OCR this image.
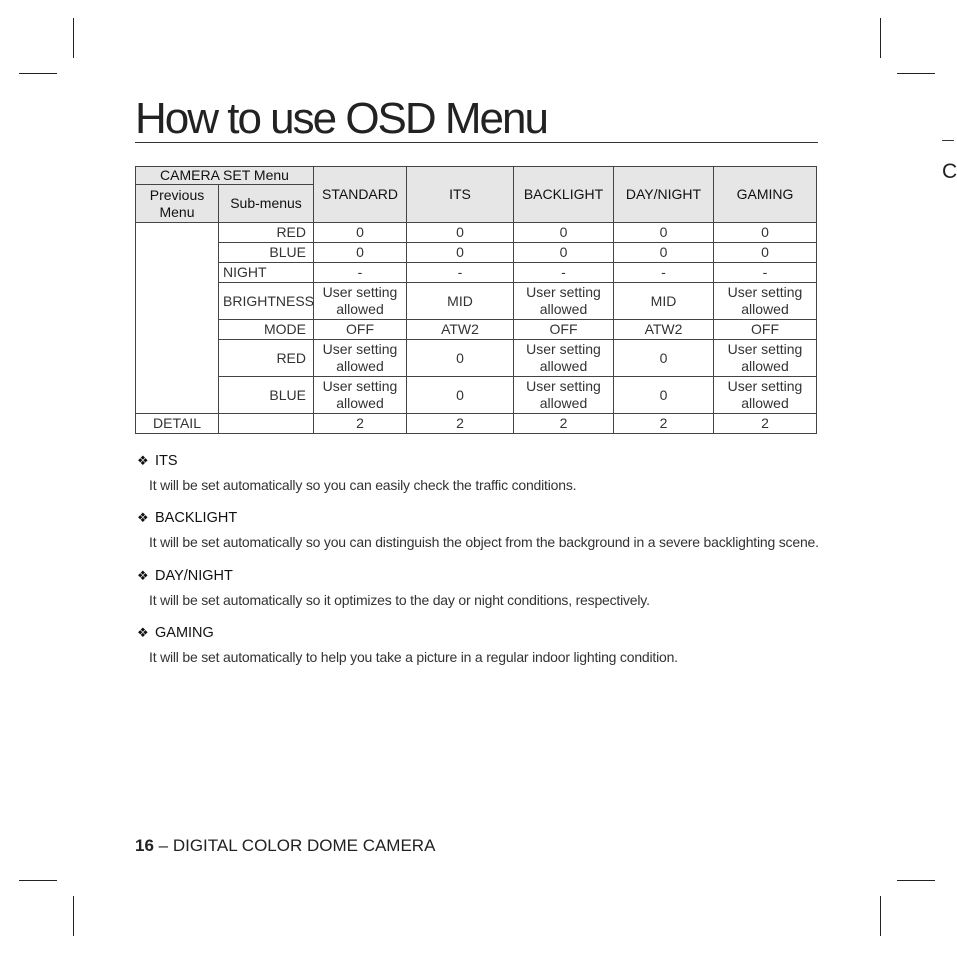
How to use OSD Menu
C
CAMERA SET Menu		STANDARD	ITS	BACKLIGHT	DAY/NIGHT	GAMING
Previous Menu	Sub-menus					
	RED	0	0	0	0	0
	BLUE	0	0	0	0	0
	NIGHT	-	-	-	-	-
	BRIGHTNESS	User setting allowed	MID	User setting allowed	MID	User setting allowed
	MODE	OFF	ATW2	OFF	ATW2	OFF
	RED	User setting allowed	0	User setting allowed	0	User setting allowed
	BLUE	User setting allowed	0	User setting allowed	0	User setting allowed
DETAIL		2	2	2	2	2
❖ ITS
It will be set automatically so you can easily check the traffic conditions.
❖ BACKLIGHT
It will be set automatically so you can distinguish the object from the background in a severe backlighting scene.
❖ DAY/NIGHT
It will be set automatically so it optimizes to the day or night conditions, respectively.
❖ GAMING
It will be set automatically to help you take a picture in a regular indoor lighting condition.
16 – DIGITAL COLOR DOME CAMERA
